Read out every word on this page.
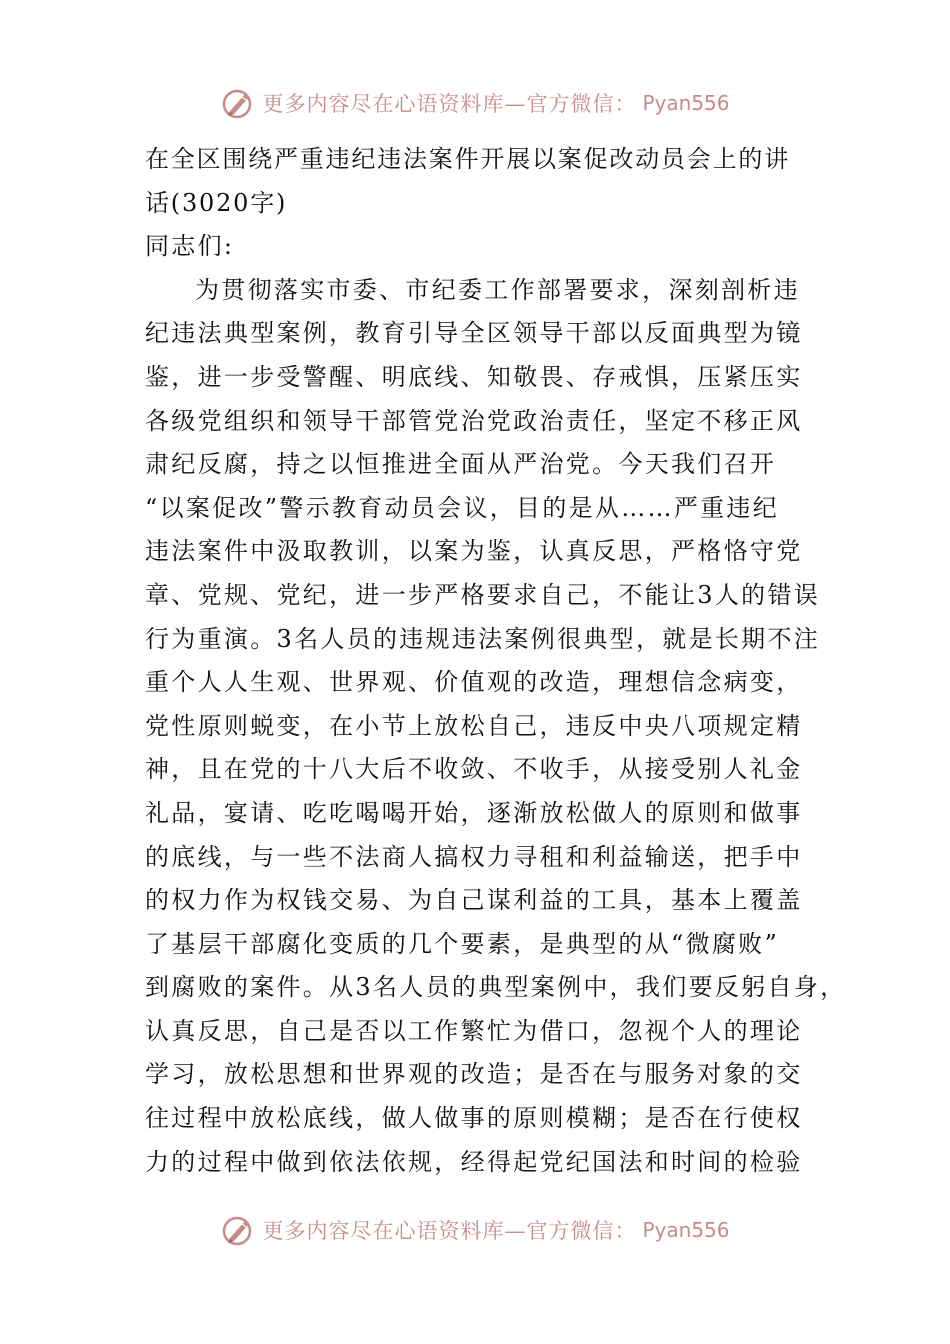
更多内容尽在心语资料库—官方微信： Pyan556
在全区围绕严重违纪违法案件开展以案促改动员会上的讲
话(3020字)
同志们:
为贯彻落实市委、市纪委工作部署要求，深刻剖析违
纪违法典型案例，教育引导全区领导干部以反面典型为镜
鉴，进一步受警醒、明底线、知敬畏、存戒惧，压紧压实
各级党组织和领导干部管党治党政治责任，坚定不移正风
肃纪反腐，持之以恒推进全面从严治党。今天我们召开
“以案促改”警示教育动员会议，目的是从……严重违纪
违法案件中汲取教训，以案为鉴，认真反思，严格恪守党
章、党规、党纪，进一步严格要求自己，不能让3人的错误
行为重演。3名人员的违规违法案例很典型，就是长期不注
重个人人生观、世界观、价值观的改造，理想信念病变，
党性原则蜕变，在小节上放松自己，违反中央八项规定精
神，且在党的十八大后不收敛、不收手，从接受别人礼金
礼品，宴请、吃吃喝喝开始，逐渐放松做人的原则和做事
的底线，与一些不法商人搞权力寻租和利益输送，把手中
的权力作为权钱交易、为自己谋利益的工具，基本上覆盖
了基层干部腐化变质的几个要素，是典型的从“微腐败”
到腐败的案件。从3名人员的典型案例中，我们要反躬自身，
认真反思，自己是否以工作繁忙为借口，忽视个人的理论
学习，放松思想和世界观的改造；是否在与服务对象的交
往过程中放松底线，做人做事的原则模糊；是否在行使权
力的过程中做到依法依规，经得起党纪国法和时间的检验
更多内容尽在心语资料库—官方微信： Pyan556
